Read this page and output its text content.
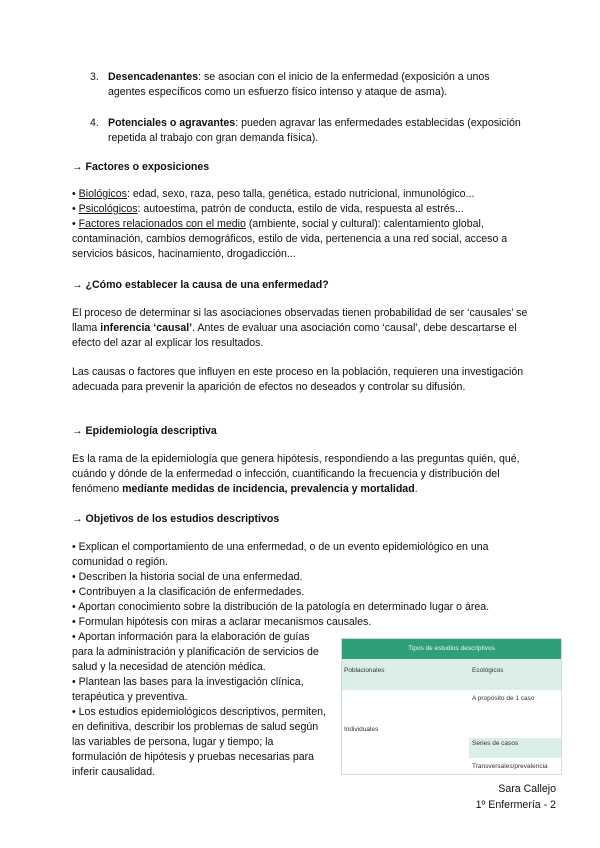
3. Desencadenantes: se asocian con el inicio de la enfermedad (exposición a unos agentes específicos como un esfuerzo físico intenso y ataque de asma).

4. Potenciales o agravantes: pueden agravar las enfermedades establecidas (exposición repetida al trabajo con gran demanda física).

→ Factores o exposiciones

• Biológicos: edad, sexo, raza, peso talla, genética, estado nutricional, inmunológico...

• Psicológicos: autoestima, patrón de conducta, estilo de vida, respuesta al estrés...

• Factores relacionados con el medio (ambiente, social y cultural): calentamiento global, contaminación, cambios demográficos, estilo de vida, pertenencia a una red social, acceso a servicios básicos, hacinamiento, drogadicción...

→ ¿Cómo establecer la causa de una enfermedad?

El proceso de determinar si las asociaciones observadas tienen probabilidad de ser ‘causales’ se llama inferencia ‘causal’. Antes de evaluar una asociación como ‘causal’, debe descartarse el efecto del azar al explicar los resultados.

Las causas o factores que influyen en este proceso en la población, requieren una investigación adecuada para prevenir la aparición de efectos no deseados y controlar su difusión.

→ Epidemiología descriptiva

Es la rama de la epidemiología que genera hipótesis, respondiendo a las preguntas quién, qué, cuándo y dónde de la enfermedad o infección, cuantificando la frecuencia y distribución del fenómeno mediante medidas de incidencia, prevalencia y mortalidad.

→ Objetivos de los estudios descriptivos

• Explican el comportamiento de una enfermedad, o de un evento epidemiológico en una comunidad o región.

• Describen la historia social de una enfermedad.

• Contribuyen a la clasificación de enfermedades.

• Aportan conocimiento sobre la distribución de la patología en determinado lugar o área.

• Formulan hipótesis con miras a aclarar mecanismos causales.

• Aportan información para la elaboración de guías para la administración y planificación de servicios de salud y la necesidad de atención médica.

• Plantean las bases para la investigación clínica, terapéutica y preventiva.

• Los estudios epidemiológicos descriptivos, permiten, en definitiva, describir los problemas de salud según las variables de persona, lugar y tiempo; la formulación de hipótesis y pruebas necesarias para inferir causalidad.

Tipos de estudios descriptivos
Poblacionales	Ecológicos
A propósito de 1 caso
Individuales
Series de casos
Transversales/prevalencia
Sara Callejo
1º Enfermería - 2
